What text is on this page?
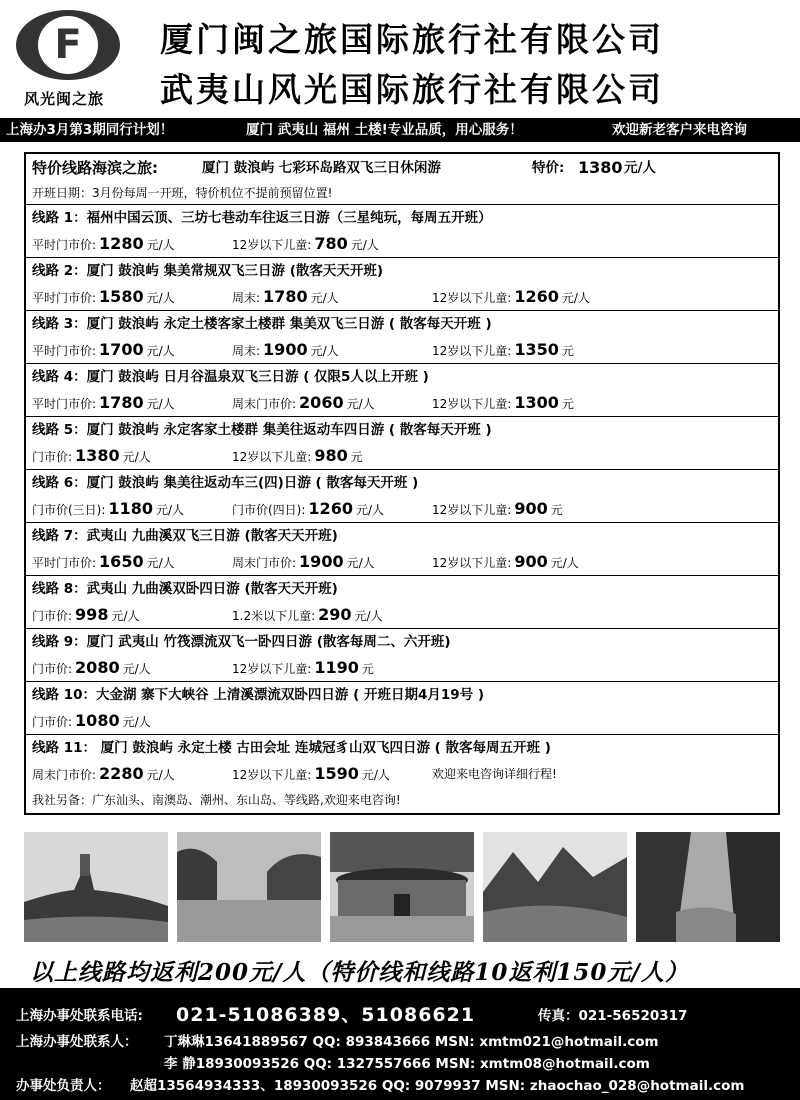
F
风光闽之旅
厦门闽之旅国际旅行社有限公司
武夷山风光国际旅行社有限公司
上海办3月第3期同行计划！	厦门 武夷山 福州 土楼!专业品质，用心服务！	欢迎新老客户来电咨询
特价线路海滨之旅:	厦门 鼓浪屿 七彩环岛路双飞三日休闲游	特价: 1380 元/人
开班日期：3月份每周一开班，特价机位不提前预留位置!
线路 1：福州中国云顶、三坊七巷动车往返三日游（三星纯玩，每周五开班）
平时门市价: 1280 元/人	12岁以下儿童: 780 元/人
线路 2：厦门 鼓浪屿 集美常规双飞三日游 (散客天天开班)
平时门市价: 1580 元/人	周末: 1780 元/人	12岁以下儿童: 1260 元/人
线路 3：厦门 鼓浪屿 永定土楼客家土楼群 集美双飞三日游 ( 散客每天开班 )
平时门市价: 1700 元/人	周末: 1900 元/人	12岁以下儿童: 1350 元
线路 4：厦门 鼓浪屿 日月谷温泉双飞三日游 ( 仅限5人以上开班 )
平时门市价: 1780 元/人	周末门市价: 2060 元/人	12岁以下儿童: 1300 元
线路 5：厦门 鼓浪屿 永定客家土楼群 集美往返动车四日游 ( 散客每天开班 )
门市价: 1380 元/人	12岁以下儿童: 980 元
线路 6：厦门 鼓浪屿 集美往返动车三(四)日游 ( 散客每天开班 )
门市价(三日): 1180 元/人	门市价(四日): 1260 元/人	12岁以下儿童: 900 元
线路 7：武夷山 九曲溪双飞三日游 (散客天天开班)
平时门市价: 1650 元/人	周末门市价: 1900 元/人	12岁以下儿童: 900 元/人
线路 8：武夷山 九曲溪双卧四日游 (散客天天开班)
门市价: 998 元/人	1.2米以下儿童: 290 元/人
线路 9：厦门 武夷山 竹筏漂流双飞一卧四日游 (散客每周二、六开班)
门市价: 2080 元/人	12岁以下儿童: 1190 元
线路 10：大金湖 寨下大峡谷 上清溪漂流双卧四日游 ( 开班日期4月19号 )
门市价: 1080 元/人
线路 11： 厦门 鼓浪屿 永定土楼 古田会址 连城冠豸山双飞四日游 ( 散客每周五开班 )
周末门市价: 2280 元/人	12岁以下儿童: 1590 元/人	欢迎来电咨询详细行程!
我社另备：广东汕头、南澳岛、潮州、东山岛、等线路,欢迎来电咨询!
以上线路均返利200元/人（特价线和线路10返利150元/人）
上海办事处联系电话: 021-51086389、51086621	传真：021-56520317
上海办事处联系人： 丁琳琳13641889567 QQ: 893843666 MSN: xmtm021@hotmail.com
李 静18930093526 QQ: 1327557666 MSN: xmtm08@hotmail.com
办事处负责人： 赵超13564934333、18930093526 QQ: 9079937 MSN: zhaochao_028@hotmail.com
